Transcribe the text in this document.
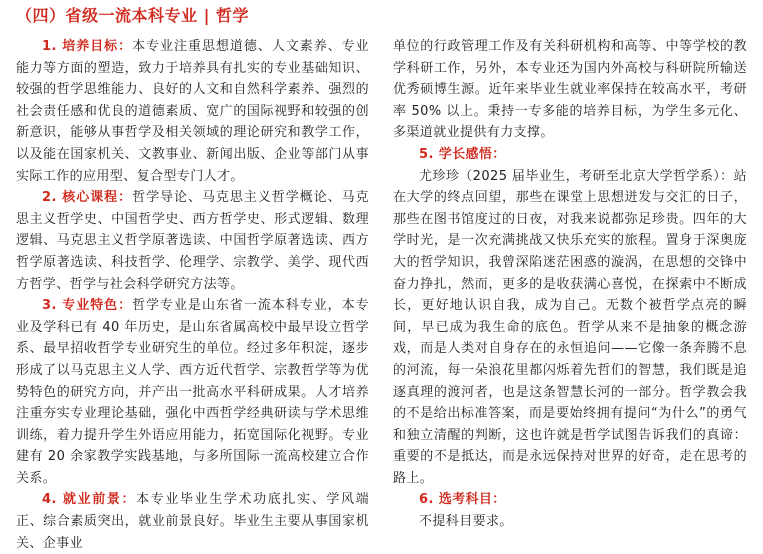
（四）省级一流本科专业 | 哲学

1. 培养目标：本专业注重思想道德、人文素养、专业能力等方面的塑造，致力于培养具有扎实的专业基础知识、较强的哲学思维能力、良好的人文和自然科学素养、强烈的社会责任感和优良的道德素质、宽广的国际视野和较强的创新意识，能够从事哲学及相关领域的理论研究和教学工作，以及能在国家机关、文教事业、新闻出版、企业等部门从事实际工作的应用型、复合型专门人才。

2. 核心课程：哲学导论、马克思主义哲学概论、马克思主义哲学史、中国哲学史、西方哲学史、形式逻辑、数理逻辑、马克思主义哲学原著选读、中国哲学原著选读、西方哲学原著选读、科技哲学、伦理学、宗教学、美学、现代西方哲学、哲学与社会科学研究方法等。

3. 专业特色：哲学专业是山东省一流本科专业，本专业及学科已有 40 年历史，是山东省属高校中最早设立哲学系、最早招收哲学专业研究生的单位。经过多年积淀，逐步形成了以马克思主义人学、西方近代哲学、宗教哲学等为优势特色的研究方向，并产出一批高水平科研成果。人才培养注重夯实专业理论基础，强化中西哲学经典研读与学术思维训练，着力提升学生外语应用能力，拓宽国际化视野。专业建有 20 余家教学实践基地，与多所国际一流高校建立合作关系。

4. 就业前景：本专业毕业生学术功底扎实、学风端正、综合素质突出，就业前景良好。毕业生主要从事国家机关、企事业

单位的行政管理工作及有关科研机构和高等、中等学校的教学科研工作，另外，本专业还为国内外高校与科研院所输送优秀硕博生源。近年来毕业生就业率保持在较高水平，考研率 50% 以上。秉持一专多能的培养目标，为学生多元化、多渠道就业提供有力支撑。

5. 学长感悟：

尤珍珍（2025 届毕业生，考研至北京大学哲学系）：站在大学的终点回望，那些在课堂上思想迸发与交汇的日子，那些在图书馆度过的日夜，对我来说都弥足珍贵。四年的大学时光，是一次充满挑战又快乐充实的旅程。置身于深奥庞大的哲学知识，我曾深陷迷茫困惑的漩涡，在思想的交锋中奋力挣扎，然而，更多的是收获满心喜悦，在探索中不断成长，更好地认识自我，成为自己。无数个被哲学点亮的瞬间，早已成为我生命的底色。哲学从来不是抽象的概念游戏，而是人类对自身存在的永恒追问——它像一条奔腾不息的河流，每一朵浪花里都闪烁着先哲们的智慧，我们既是追逐真理的渡河者，也是这条智慧长河的一部分。哲学教会我的不是给出标准答案，而是要始终拥有提问“为什么”的勇气和独立清醒的判断，这也许就是哲学试图告诉我们的真谛：重要的不是抵达，而是永远保持对世界的好奇，走在思考的路上。

6. 选考科目：

不提科目要求。
